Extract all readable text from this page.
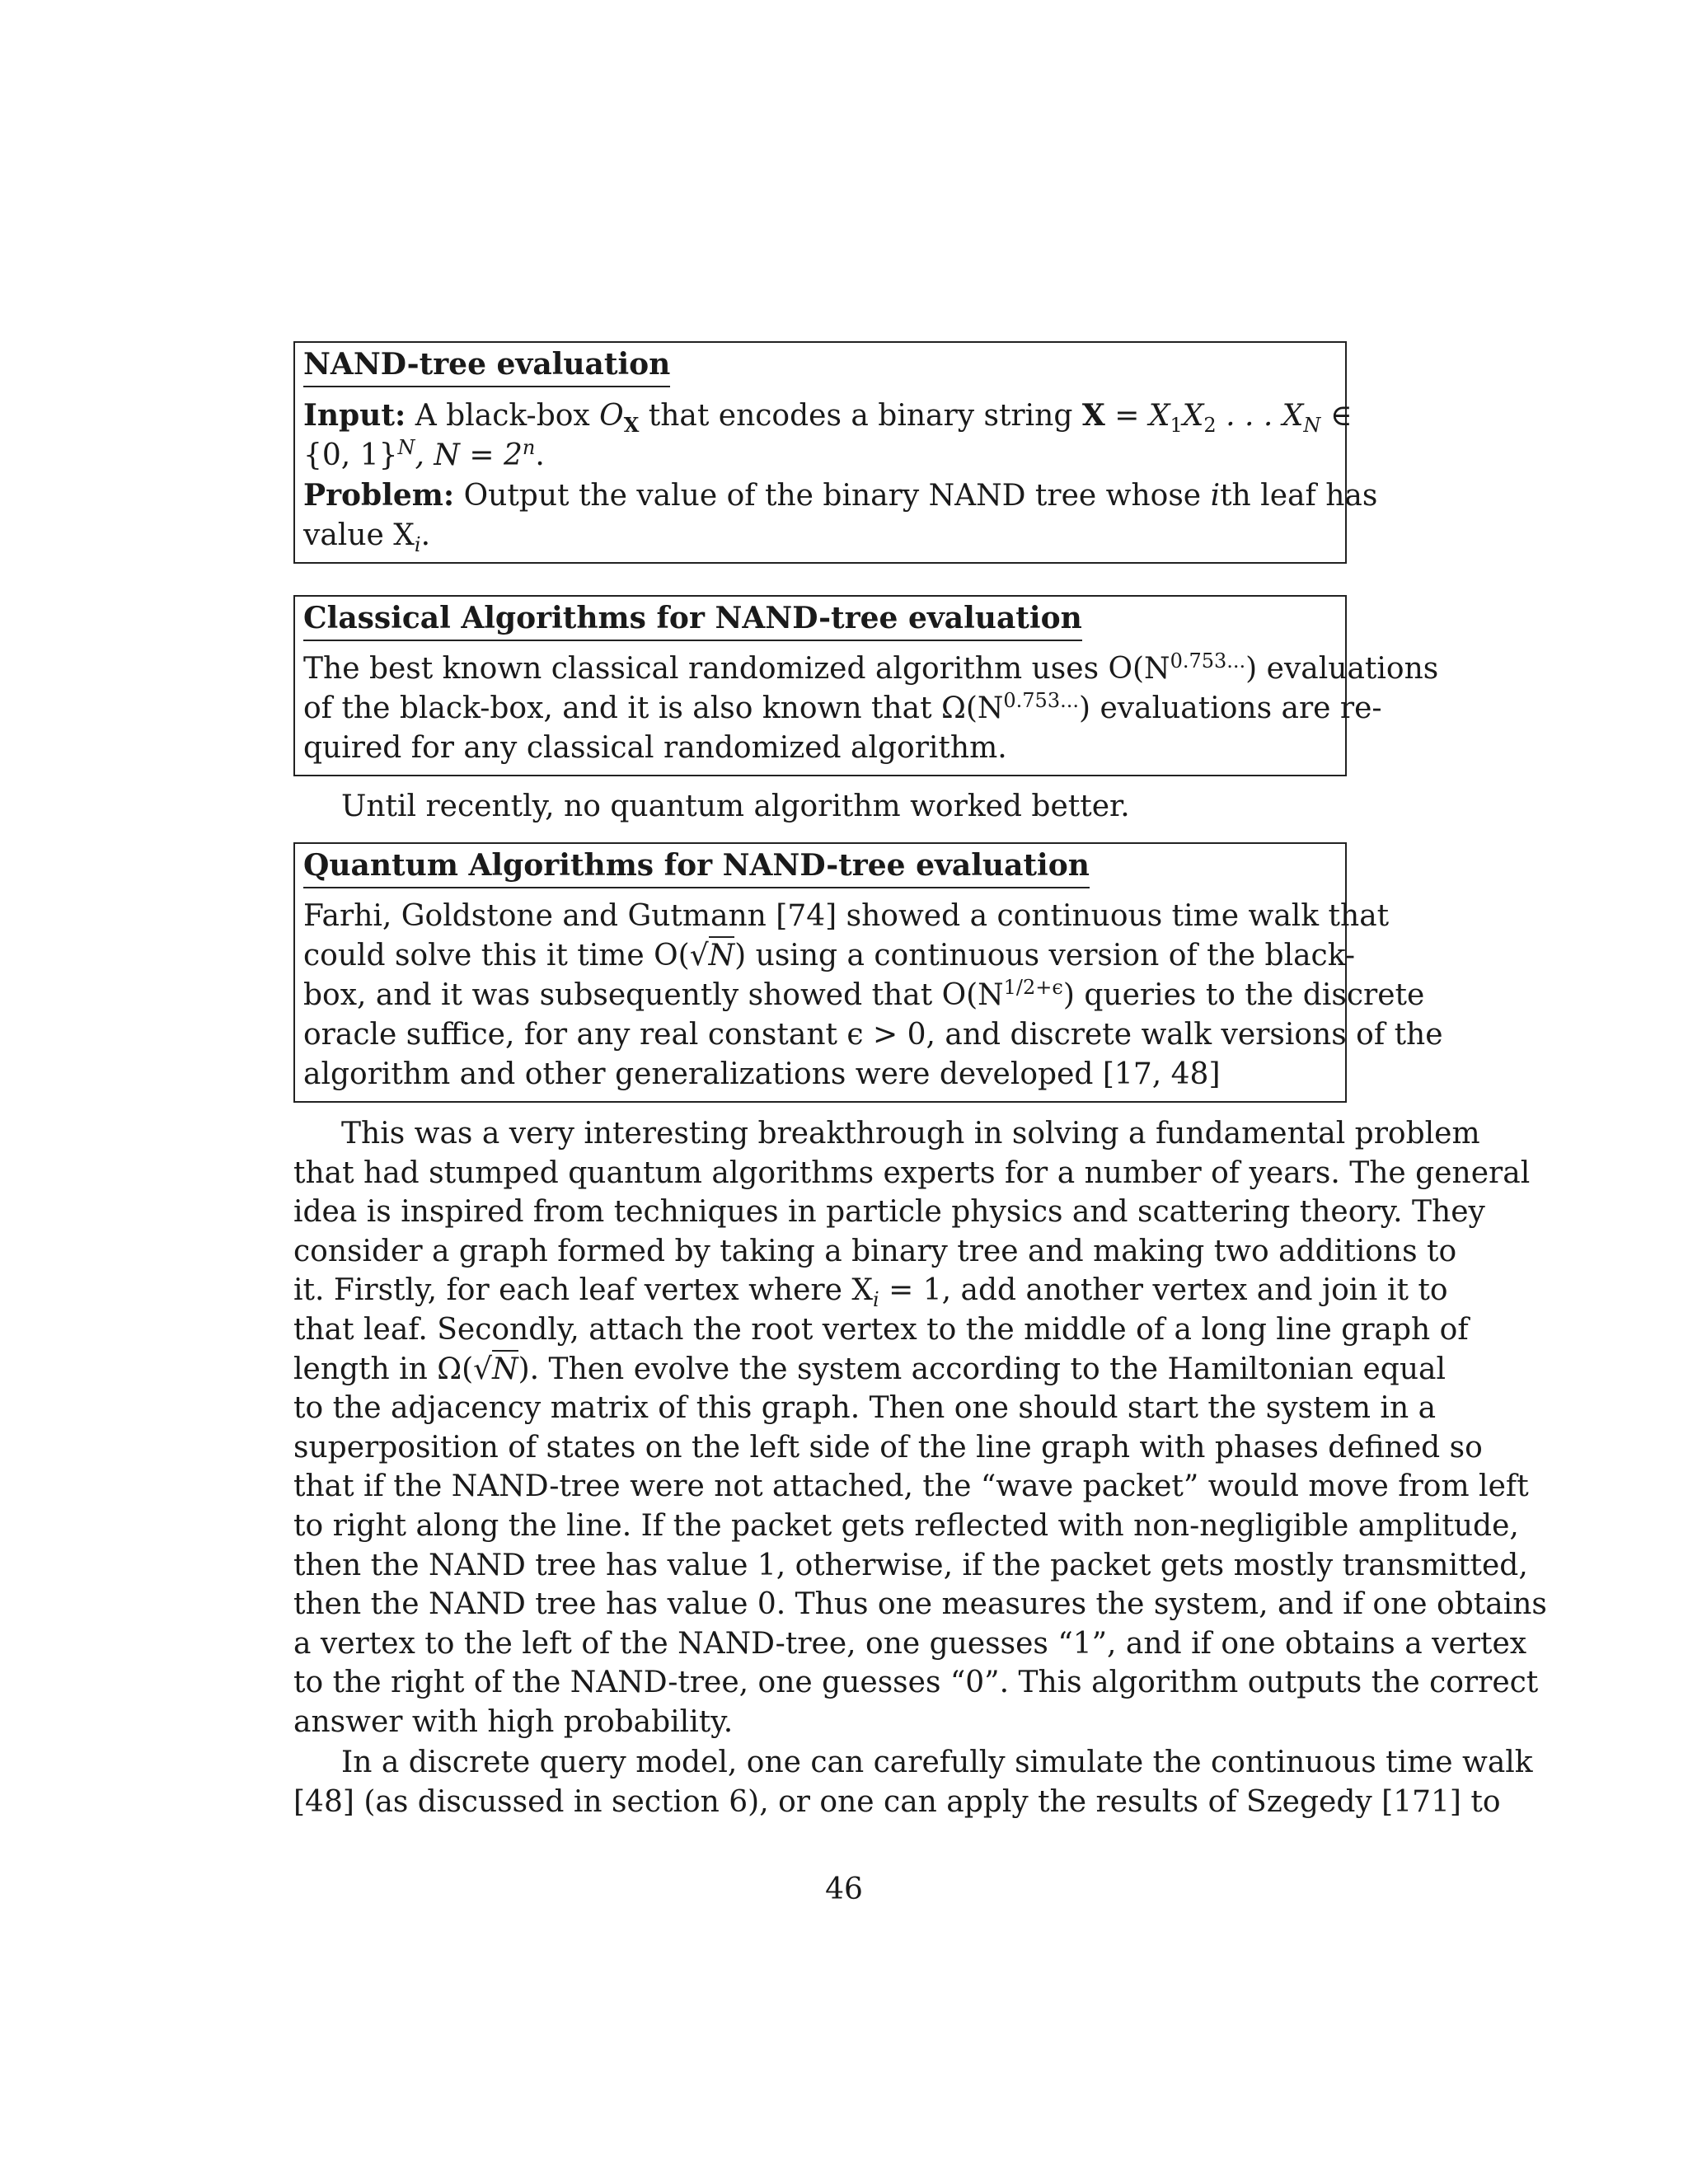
NAND-tree evaluation
Input: A black-box $O_X$ that encodes a binary string $X = X_1X_2$ . . . $X_N$ ∈
{0, 1}$^N$, $N = 2^n$.
Problem: Output the value of the binary NAND tree whose ith leaf has
value $X_i$.
Classical Algorithms for NAND-tree evaluation
The best known classical randomized algorithm uses $O(N^{0.753...})$ evaluations
of the black-box, and it is also known that $\Omega(N^{0.753...})$ evaluations are re-
quired for any classical randomized algorithm.
Until recently, no quantum algorithm worked better.
Quantum Algorithms for NAND-tree evaluation
Farhi, Goldstone and Gutmann [74] showed a continuous time walk that
could solve this it time O(√N) using a continuous version of the black-
box, and it was subsequently showed that $O(N^{1/2+\epsilon})$ queries to the discrete
oracle suffice, for any real constant ϵ > 0, and discrete walk versions of the
algorithm and other generalizations were developed [17, 48]
This was a very interesting breakthrough in solving a fundamental problem
that had stumped quantum algorithms experts for a number of years. The general
idea is inspired from techniques in particle physics and scattering theory. They
consider a graph formed by taking a binary tree and making two additions to
it. Firstly, for each leaf vertex where $X_i = 1$, add another vertex and join it to
that leaf. Secondly, attach the root vertex to the middle of a long line graph of
length in Ω(√N). Then evolve the system according to the Hamiltonian equal
to the adjacency matrix of this graph. Then one should start the system in a
superposition of states on the left side of the line graph with phases defined so
that if the NAND-tree were not attached, the “wave packet” would move from left
to right along the line. If the packet gets reflected with non-negligible amplitude,
then the NAND tree has value 1, otherwise, if the packet gets mostly transmitted,
then the NAND tree has value 0. Thus one measures the system, and if one obtains
a vertex to the left of the NAND-tree, one guesses “1”, and if one obtains a vertex
to the right of the NAND-tree, one guesses “0”. This algorithm outputs the correct
answer with high probability.
In a discrete query model, one can carefully simulate the continuous time walk
[48] (as discussed in section 6), or one can apply the results of Szegedy [171] to
46
